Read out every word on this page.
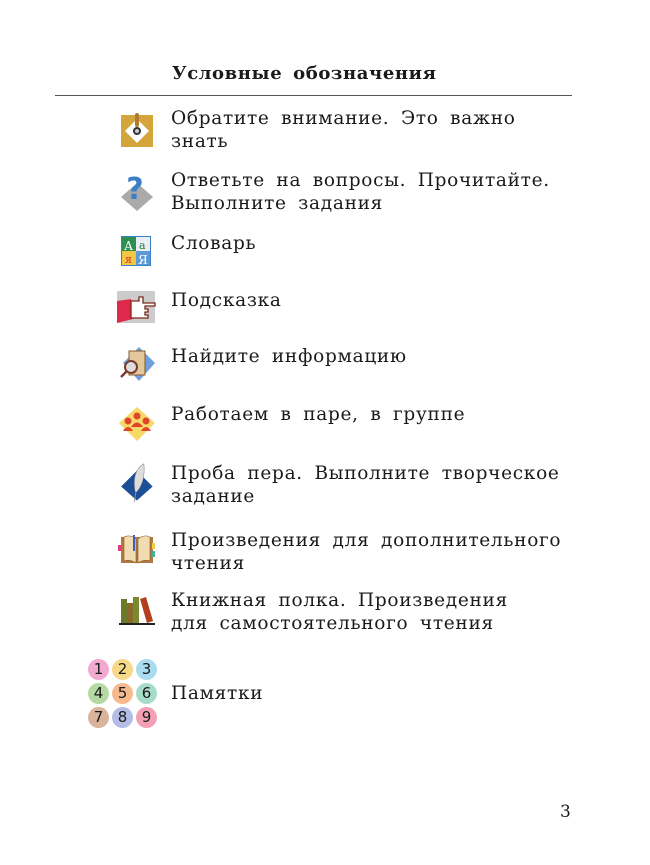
Условные обозначения
Обратите внимание. Это важно
знать
? Ответьте на вопросы. Прочитайте.
Выполните задания
А а
я Я
Словарь
Подсказка
Найдите информацию
Работаем в паре, в группе
Проба пера. Выполните творческое
задание
Произведения для дополнительного
чтения
Книжная полка. Произведения
для самостоятельного чтения
1 2 3
4 5 6
7 8 9
Памятки
3
